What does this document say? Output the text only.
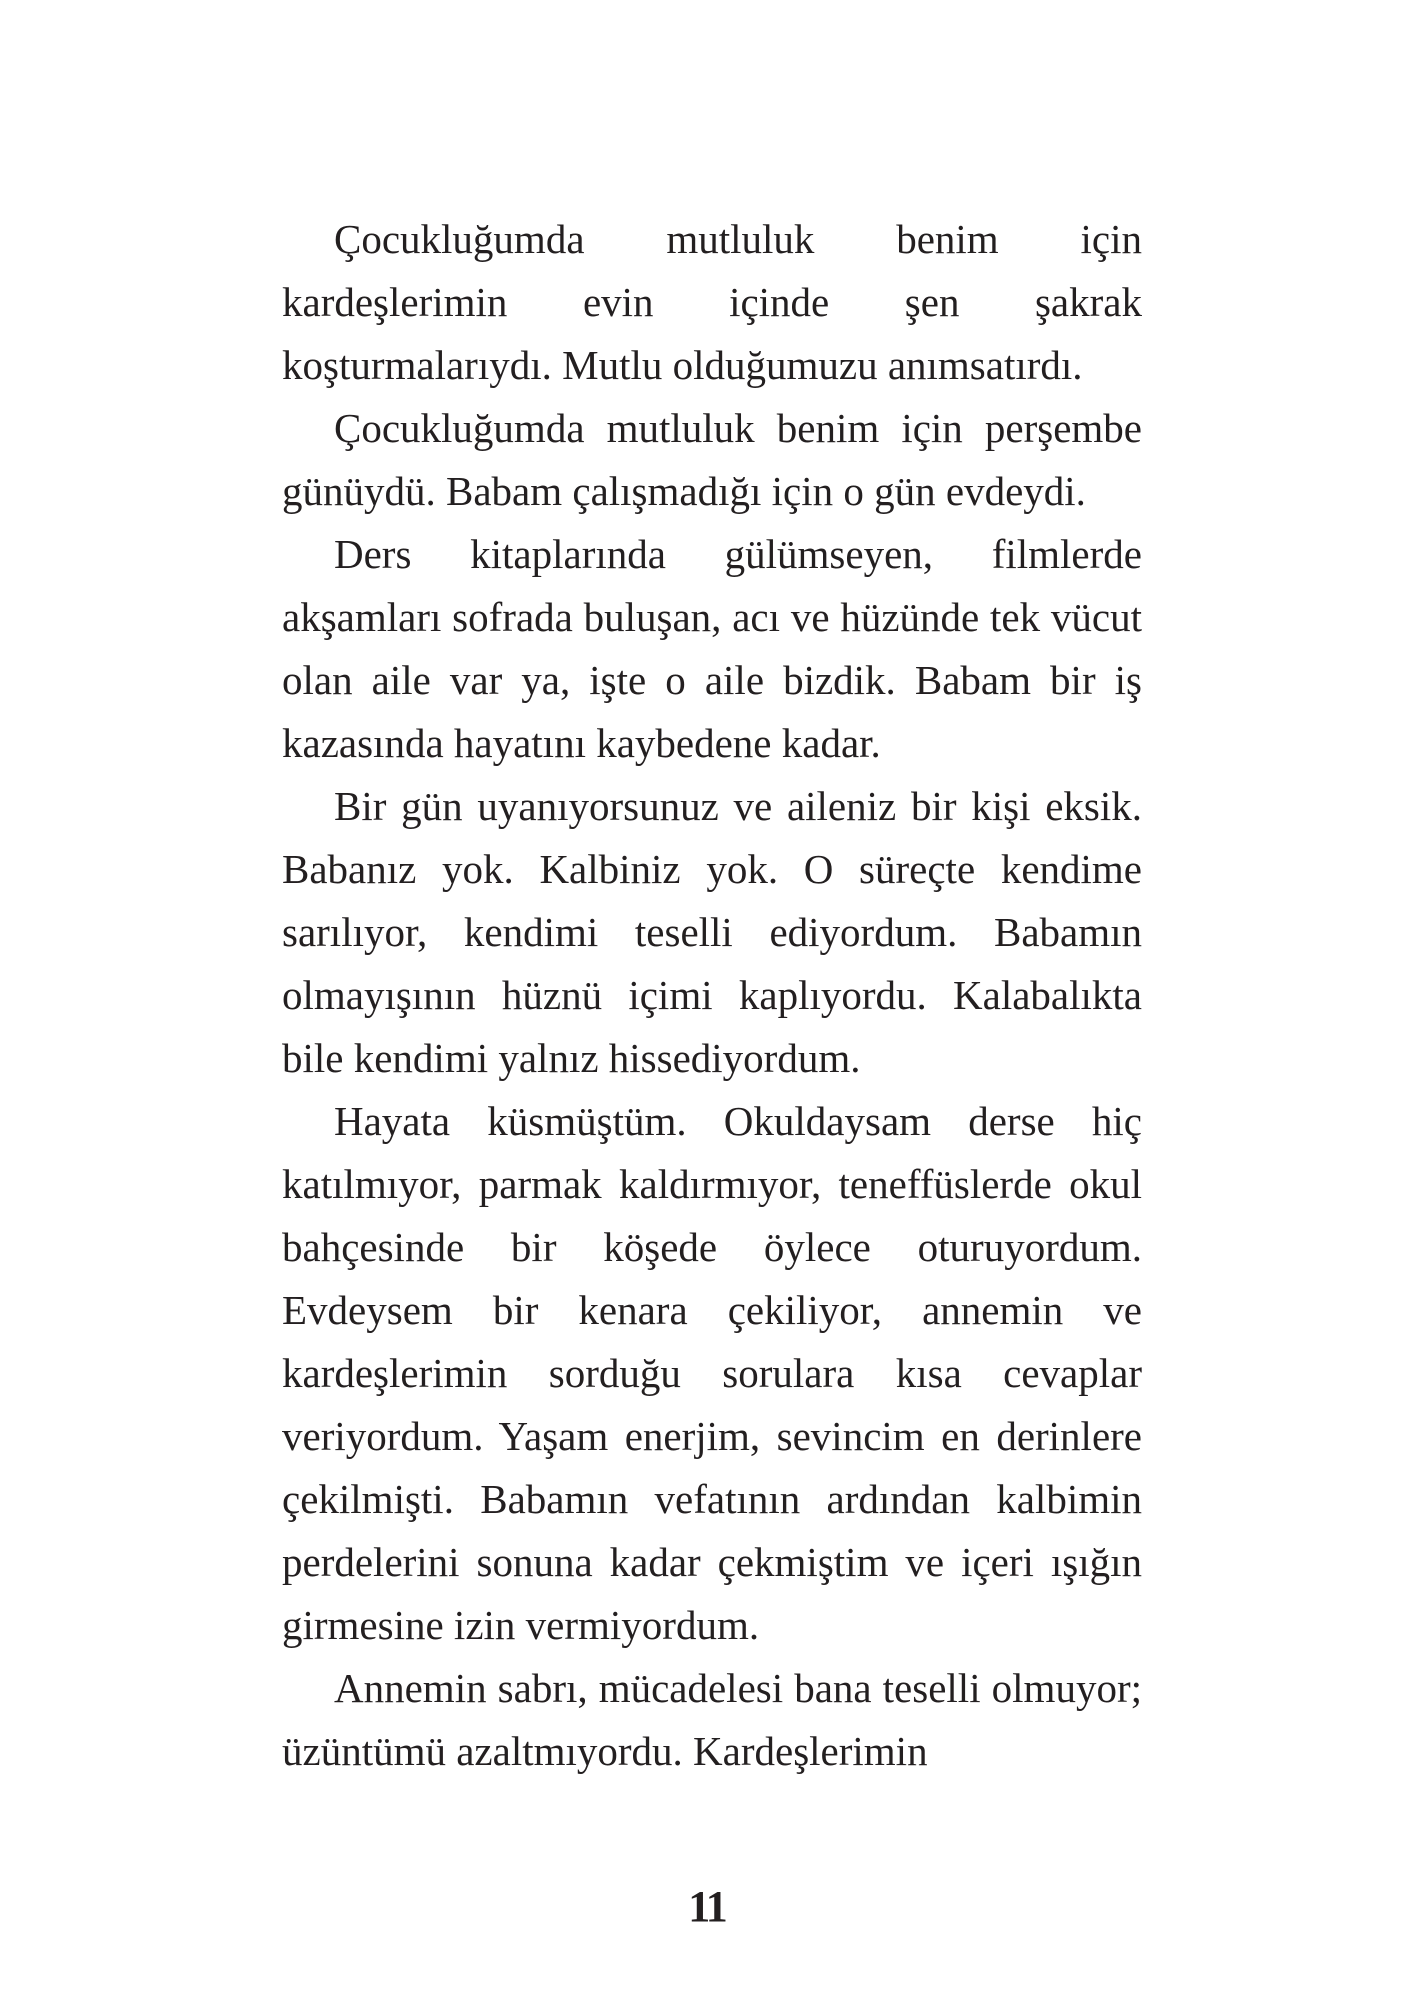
Çocukluğumda mutluluk benim için kardeşlerimin evin içinde şen şakrak koşturmalarıydı. Mutlu olduğumuzu anımsatırdı.

Çocukluğumda mutluluk benim için perşembe günüydü. Babam çalışmadığı için o gün evdeydi.

Ders kitaplarında gülümseyen, filmlerde akşamları sofrada buluşan, acı ve hüzünde tek vücut olan aile var ya, işte o aile bizdik. Babam bir iş kazasında hayatını kaybedene kadar.

Bir gün uyanıyorsunuz ve aileniz bir kişi eksik. Babanız yok. Kalbiniz yok. O süreçte kendime sarılıyor, kendimi teselli ediyordum. Babamın olmayışının hüznü içimi kaplıyordu. Kalabalıkta bile kendimi yalnız hissediyordum.

Hayata küsmüştüm. Okuldaysam derse hiç katılmıyor, parmak kaldırmıyor, teneffüslerde okul bahçesinde bir köşede öylece oturuyordum. Evdeysem bir kenara çekiliyor, annemin ve kardeşlerimin sorduğu sorulara kısa cevaplar veriyordum. Yaşam enerjim, sevincim en derinlere çekilmişti. Babamın vefatının ardından kalbimin perdelerini sonuna kadar çekmiştim ve içeri ışığın girmesine izin vermiyordum.

Annemin sabrı, mücadelesi bana teselli olmuyor; üzüntümü azaltmıyordu. Kardeşlerimin

11
